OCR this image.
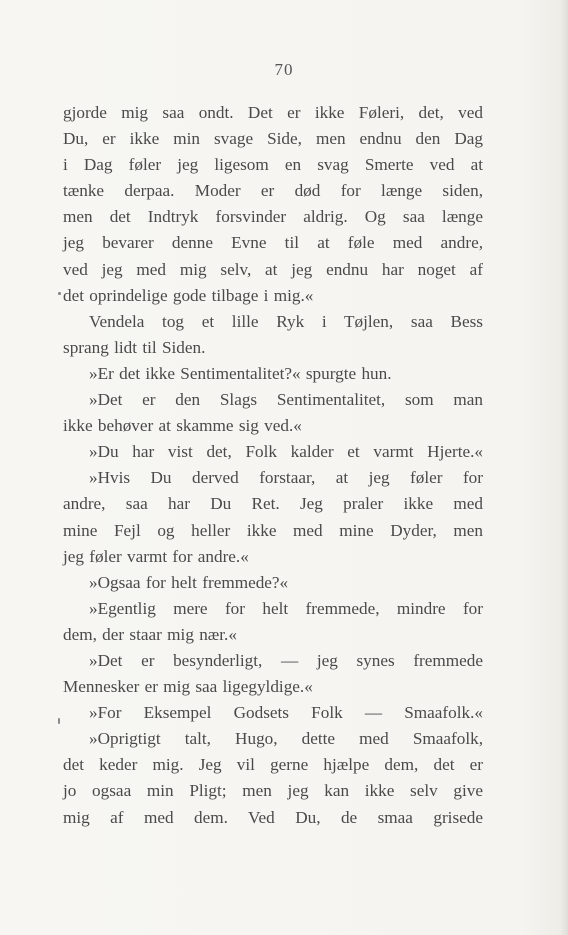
70
gjorde mig saa ondt. Det er ikke Føleri, det, ved
Du, er ikke min svage Side, men endnu den Dag
i Dag føler jeg ligesom en svag Smerte ved at
tænke derpaa. Moder er død for længe siden,
men det Indtryk forsvinder aldrig. Og saa længe
jeg bevarer denne Evne til at føle med andre,
ved jeg med mig selv, at jeg endnu har noget af
det oprindelige gode tilbage i mig.«
Vendela tog et lille Ryk i Tøjlen, saa Bess
sprang lidt til Siden.
»Er det ikke Sentimentalitet?« spurgte hun.
»Det er den Slags Sentimentalitet, som man
ikke behøver at skamme sig ved.«
»Du har vist det, Folk kalder et varmt Hjerte.«
»Hvis Du derved forstaar, at jeg føler for
andre, saa har Du Ret. Jeg praler ikke med
mine Fejl og heller ikke med mine Dyder, men
jeg føler varmt for andre.«
»Ogsaa for helt fremmede?«
»Egentlig mere for helt fremmede, mindre for
dem, der staar mig nær.«
»Det er besynderligt, — jeg synes fremmede
Mennesker er mig saa ligegyldige.«
»For Eksempel Godsets Folk — Smaafolk.«
»Oprigtigt talt, Hugo, dette med Smaafolk,
det keder mig. Jeg vil gerne hjælpe dem, det er
jo ogsaa min Pligt; men jeg kan ikke selv give
mig af med dem. Ved Du, de smaa grisede
